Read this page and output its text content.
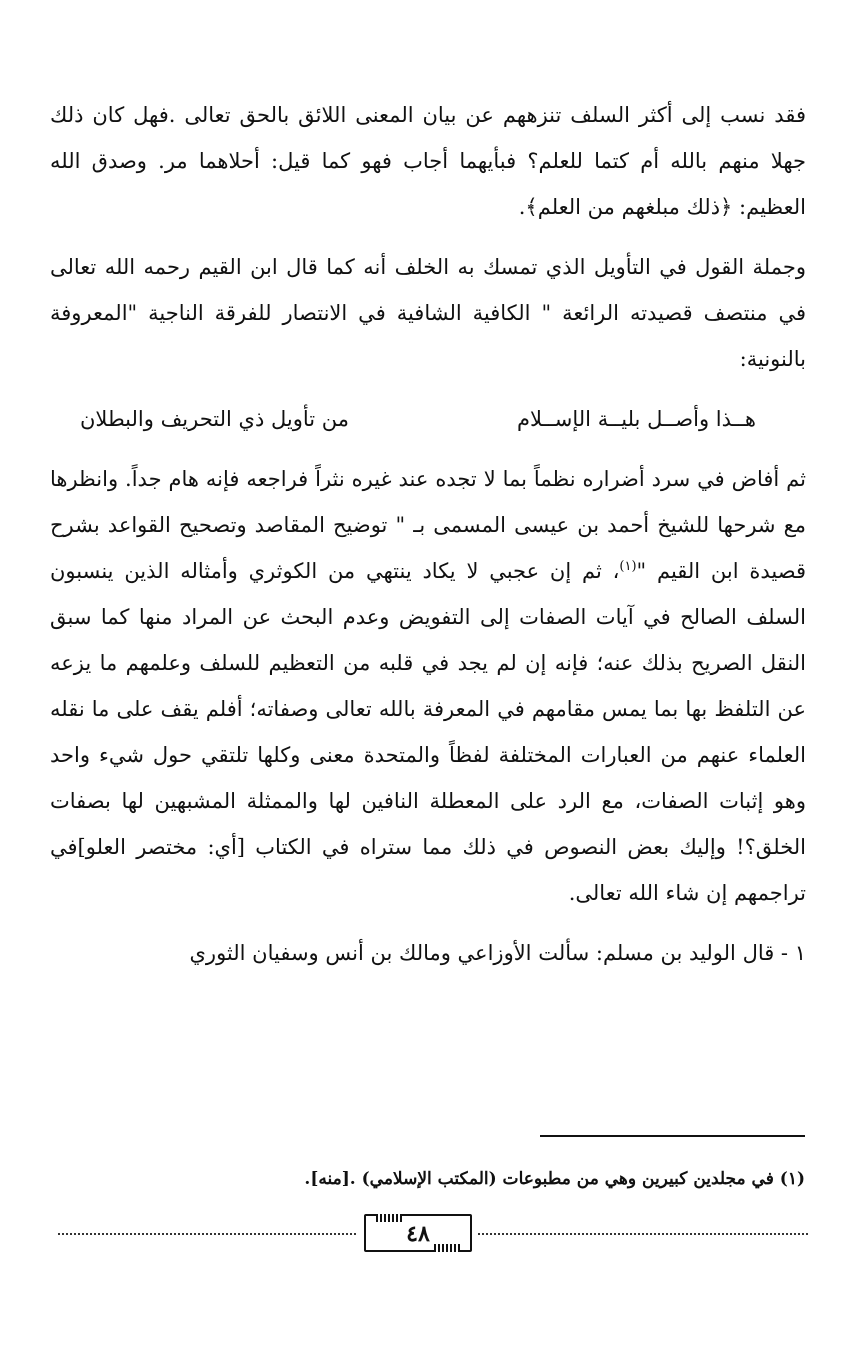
فقد نسب إلى أكثر السلف تنزههم عن بيان المعنى اللائق بالحق تعالى .فهل كان ذلك جهلا منهم بالله أم كتما للعلم؟ فبأيهما أجاب فهو كما قيل: أحلاهما مر. وصدق الله العظيم: ﴿ذلك مبلغهم من العلم﴾.

وجملة القول في التأويل الذي تمسك به الخلف أنه كما قال ابن القيم رحمه الله تعالى في منتصف قصيدته الرائعة " الكافية الشافية في الانتصار للفرقة الناجية "المعروفة بالنونية:

هــذا وأصــل بليــة الإســلام
من تأويل ذي التحريف والبطلان

ثم أفاض في سرد أضراره نظماً بما لا تجده عند غيره نثراً فراجعه فإنه هام جداً. وانظرها مع شرحها للشيخ أحمد بن عيسى المسمى بـ " توضيح المقاصد وتصحيح القواعد بشرح قصيدة ابن القيم "$^{(١)}$، ثم إن عجبي لا يكاد ينتهي من الكوثري وأمثاله الذين ينسبون السلف الصالح في آيات الصفات إلى التفويض وعدم البحث عن المراد منها كما سبق النقل الصريح بذلك عنه؛ فإنه إن لم يجد في قلبه من التعظيم للسلف وعلمهم ما يزعه عن التلفظ بها بما يمس مقامهم في المعرفة بالله تعالى وصفاته؛ أفلم يقف على ما نقله العلماء عنهم من العبارات المختلفة لفظاً والمتحدة معنى وكلها تلتقي حول شيء واحد وهو إثبات الصفات، مع الرد على المعطلة النافين لها والممثلة المشبهين لها بصفات الخلق؟! وإليك بعض النصوص في ذلك مما ستراه في الكتاب [أي: مختصر العلو]في تراجمهم إن شاء الله تعالى.

١ - قال الوليد بن مسلم: سألت الأوزاعي ومالك بن أنس وسفيان الثوري

(١) في مجلدين كبيرين وهي من مطبوعات (المكتب الإسلامي) .[منه].
٤٨
